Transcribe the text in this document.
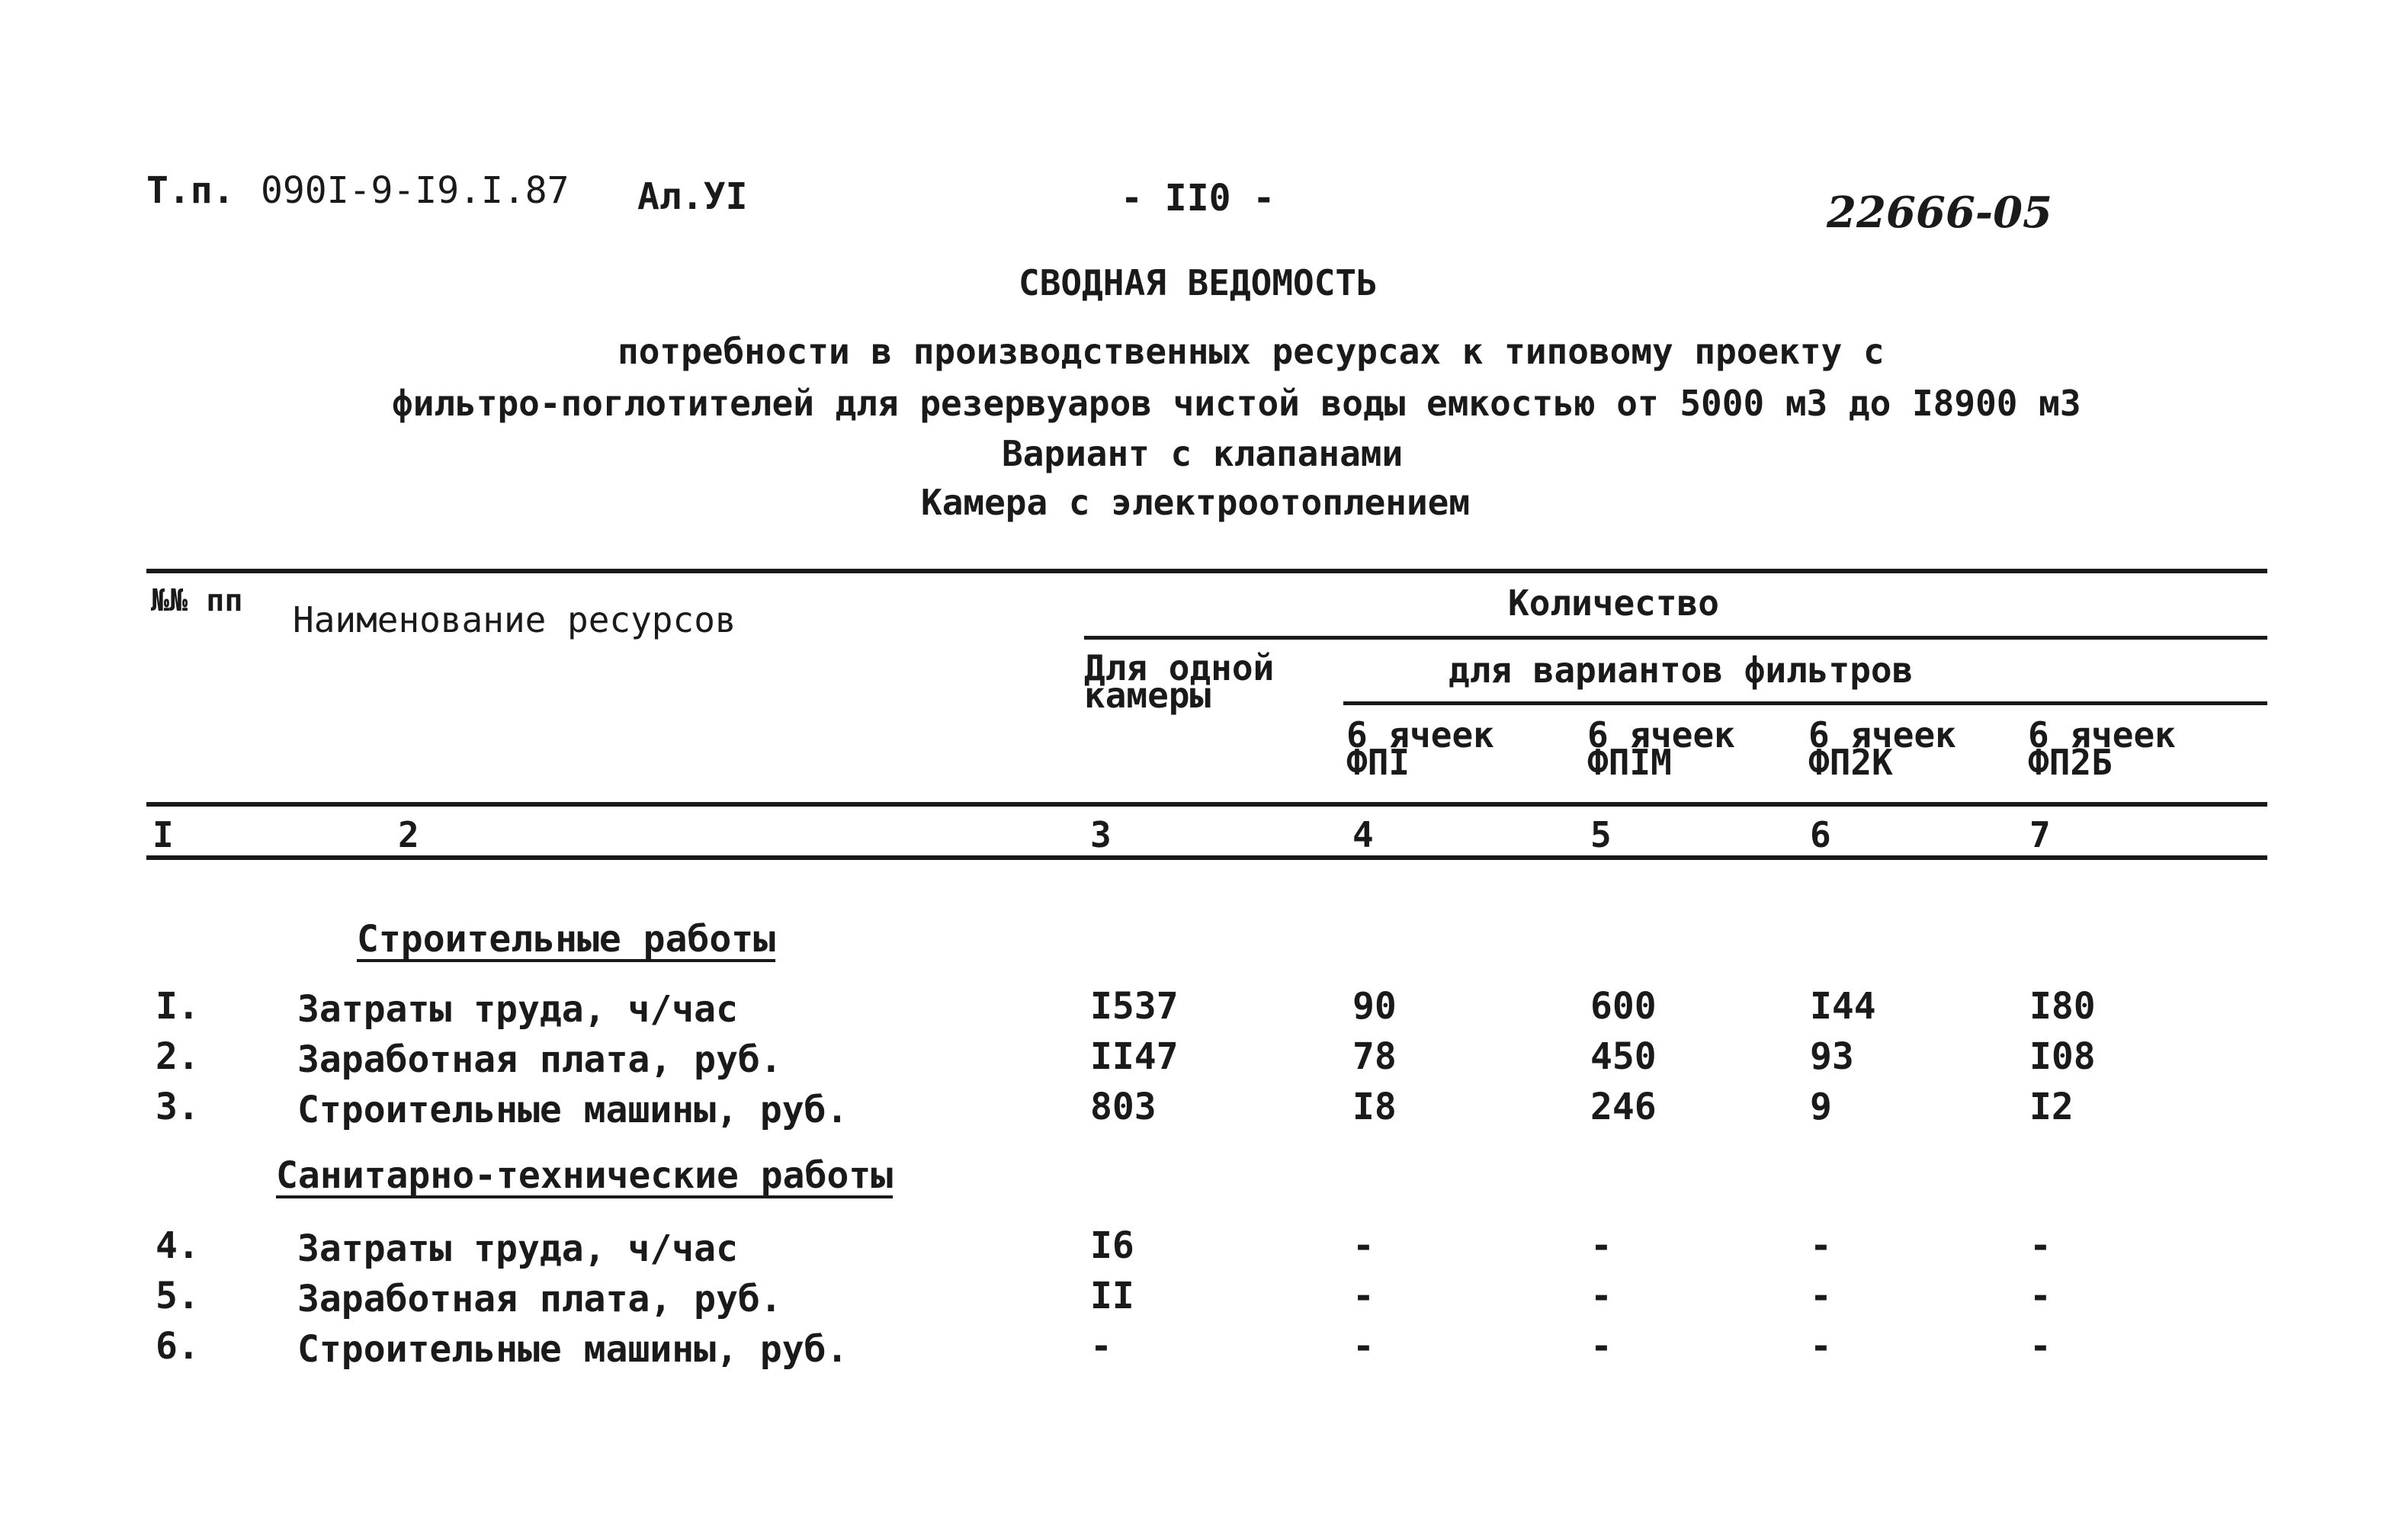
Т.п. 090I-9-I9.I.87 Ал.УI	- II0 -	22666-05
СВОДНАЯ ВЕДОМОСТЬ
потребности в производственных ресурсах к типовому проекту с
фильтро-поглотителей для резервуаров чистой воды емкостью от 5000 м3 до I8900 м3
Вариант с клапанами
Камера с электроотоплением
№№ пп Наименование ресурсов	Количество
Для одной камеры
для вариантов фильтров
6 ячеек ФПI
6 ячеек ФПIМ
6 ячеек ФП2К
6 ячеек ФП2Б
I	2	3	4	5	6	7
Строительные работы
I.	Затраты труда, ч/час	I537	90	600	I44	I80
2.	Заработная плата, руб.	II47	78	450	93	I08
3.	Строительные машины, руб.	803	I8	246	9	I2
Санитарно-технические работы
4.	Затраты труда, ч/час	I6	-	-	-	-
5.	Заработная плата, руб.	II	-	-	-	-
6.	Строительные машины, руб.	-	-	-	-	-
